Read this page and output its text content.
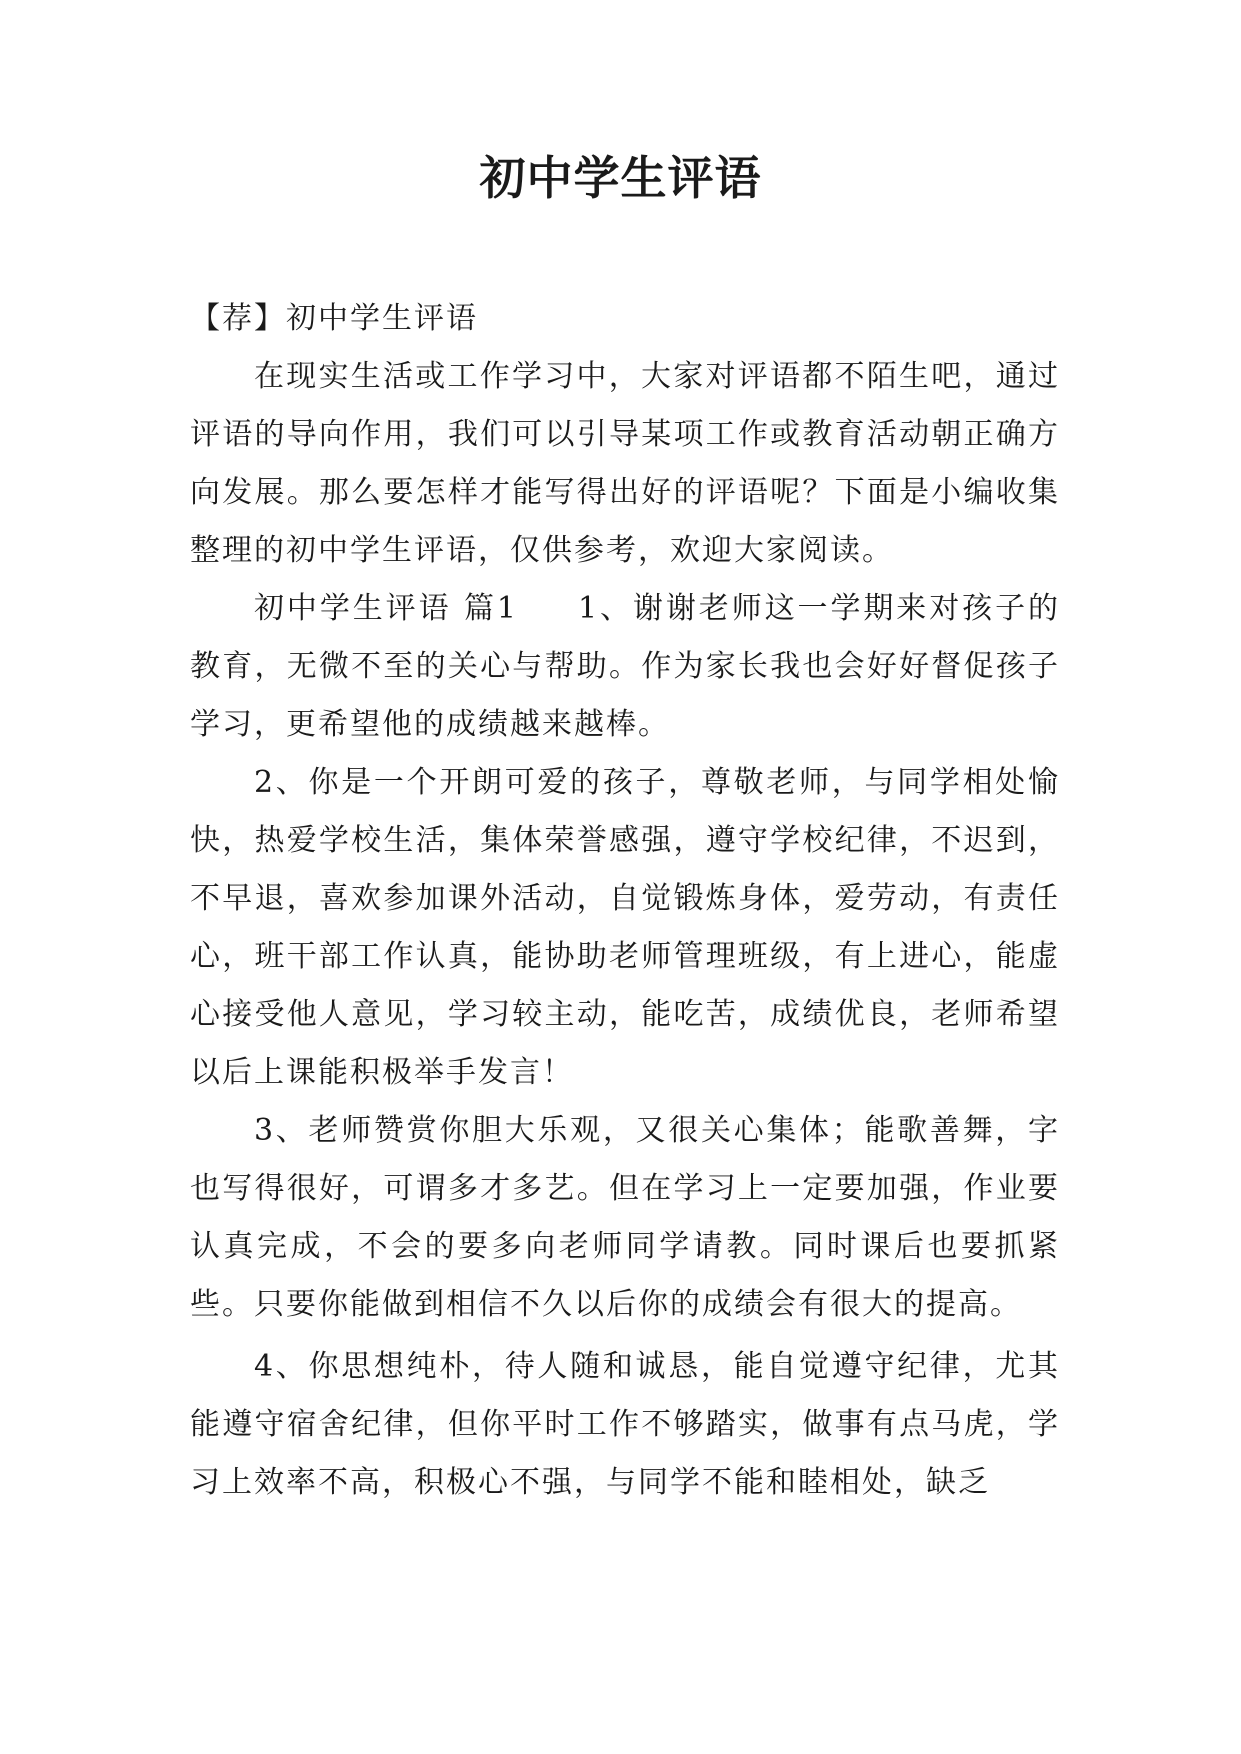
初中学生评语

【荐】初中学生评语

在现实生活或工作学习中，大家对评语都不陌生吧，通过评语的导向作用，我们可以引导某项工作或教育活动朝正确方向发展。那么要怎样才能写得出好的评语呢？下面是小编收集整理的初中学生评语，仅供参考，欢迎大家阅读。

初中学生评语 篇1 1、谢谢老师这一学期来对孩子的教育，无微不至的关心与帮助。作为家长我也会好好督促孩子学习，更希望他的成绩越来越棒。

2、你是一个开朗可爱的孩子，尊敬老师，与同学相处愉快，热爱学校生活，集体荣誉感强，遵守学校纪律，不迟到，不早退，喜欢参加课外活动，自觉锻炼身体，爱劳动，有责任心，班干部工作认真，能协助老师管理班级，有上进心，能虚心接受他人意见，学习较主动，能吃苦，成绩优良，老师希望以后上课能积极举手发言！

3、老师赞赏你胆大乐观，又很关心集体；能歌善舞，字也写得很好，可谓多才多艺。但在学习上一定要加强，作业要认真完成，不会的要多向老师同学请教。同时课后也要抓紧些。只要你能做到相信不久以后你的成绩会有很大的提高。

4、你思想纯朴，待人随和诚恳，能自觉遵守纪律，尤其能遵守宿舍纪律，但你平时工作不够踏实，做事有点马虎，学习上效率不高，积极心不强，与同学不能和睦相处，缺乏
